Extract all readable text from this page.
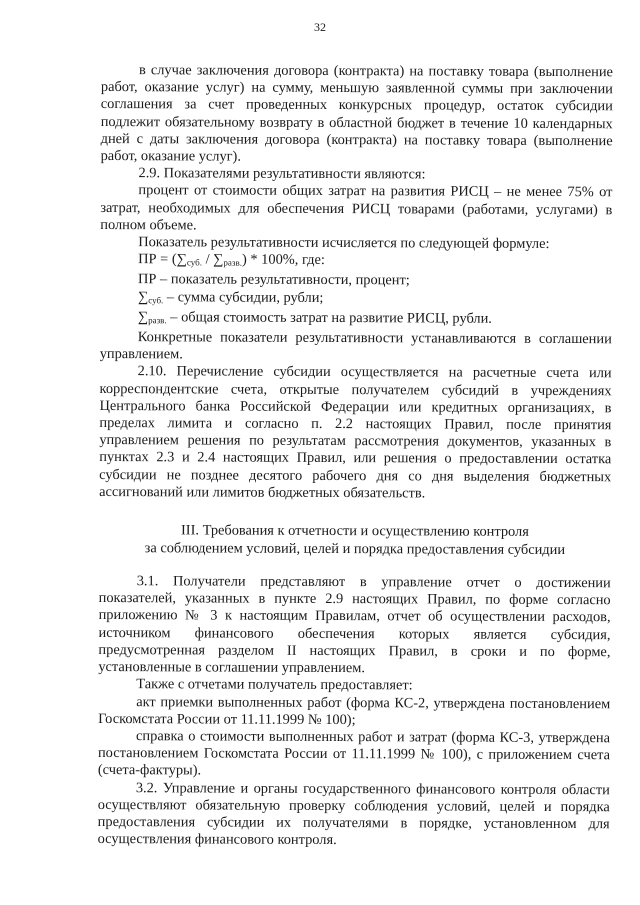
32

в случае заключения договора (контракта) на поставку товара (выполнение работ, оказание услуг) на сумму, меньшую заявленной суммы при заключении соглашения за счет проведенных конкурсных процедур, остаток субсидии подлежит обязательному возврату в областной бюджет в течение 10 календарных дней с даты заключения договора (контракта) на поставку товара (выполнение работ, оказание услуг).

2.9. Показателями результативности являются:

процент от стоимости общих затрат на развития РИСЦ – не менее 75% от затрат, необходимых для обеспечения РИСЦ товарами (работами, услугами) в полном объеме.

Показатель результативности исчисляется по следующей формуле:

ПР = $(\sum_{суб.} / \sum_{разв.}) * 100\%$, где:

ПР – показатель результативности, процент;

$\sum_{суб.}$ – сумма субсидии, рубли;

$\sum_{разв.}$ – общая стоимость затрат на развитие РИСЦ, рубли.

Конкретные показатели результативности устанавливаются в соглашении управлением.

2.10. Перечисление субсидии осуществляется на расчетные счета или корреспондентские счета, открытые получателем субсидий в учреждениях Центрального банка Российской Федерации или кредитных организациях, в пределах лимита и согласно п. 2.2 настоящих Правил, после принятия управлением решения по результатам рассмотрения документов, указанных в пунктах 2.3 и 2.4 настоящих Правил, или решения о предоставлении остатка субсидии не позднее десятого рабочего дня со дня выделения бюджетных ассигнований или лимитов бюджетных обязательств.

III. Требования к отчетности и осуществлению контроля
за соблюдением условий, целей и порядка предоставления субсидии

3.1. Получатели представляют в управление отчет о достижении показателей, указанных в пункте 2.9 настоящих Правил, по форме согласно приложению № 3 к настоящим Правилам, отчет об осуществлении расходов, источником финансового обеспечения которых является субсидия, предусмотренная разделом II настоящих Правил, в сроки и по форме, установленные в соглашении управлением.

Также с отчетами получатель предоставляет:

акт приемки выполненных работ (форма КС-2, утверждена постановлением Госкомстата России от 11.11.1999 № 100);

справка о стоимости выполненных работ и затрат (форма КС-3, утверждена постановлением Госкомстата России от 11.11.1999 № 100), с приложением счета (счета-фактуры).

3.2. Управление и органы государственного финансового контроля области осуществляют обязательную проверку соблюдения условий, целей и порядка предоставления субсидии их получателями в порядке, установленном для осуществления финансового контроля.
